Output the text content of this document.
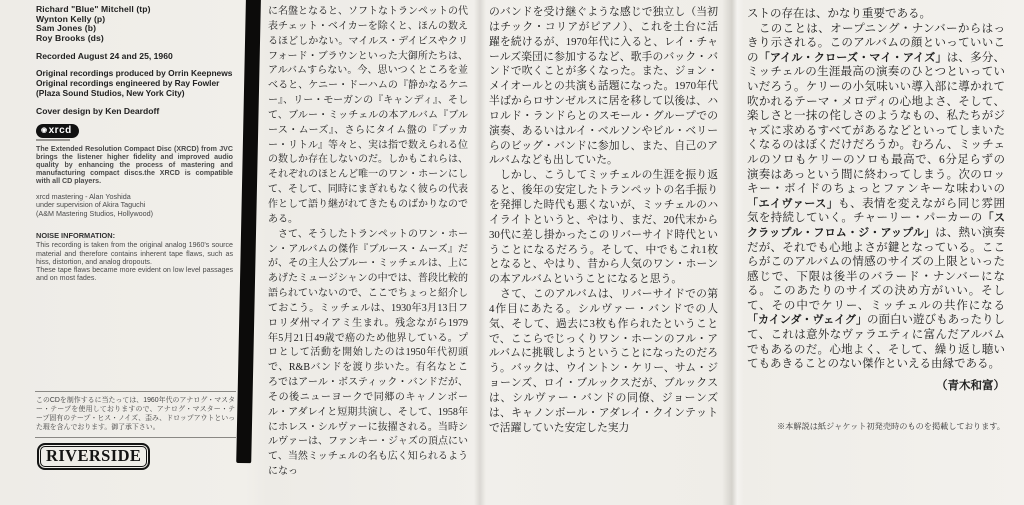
Richard "Blue" Mitchell (tp)
Wynton Kelly (p)
Sam Jones (b)
Roy Brooks (ds)
Recorded August 24 and 25, 1960
Original recordings produced by Orrin Keepnews
Original recordings engineered by Ray Fowler
(Plaza Sound Studios, New York City)
Cover design by Ken Deardoff
◉xrcd
The Extended Resolution Compact Disc (XRCD) from JVC brings the listener higher fidelity and improved audio quality by enhancing the process of mastering and manufacturing compact discs.the XRCD is compatible with all CD players.
xrcd mastering - Alan Yoshida
under supervision of Akira Taguchi
(A&M Mastering Studios, Hollywood)
NOISE INFORMATION:
This recording is taken from the original analog 1960's source material and therefore contains inherent tape flaws, such as hiss, distortion, and analog dropouts.
These tape flaws became more evident on low level passages and on most fades.
このCDを制作するに当たっては、1960年代のアナログ・マスター・テープを使用しておりますので、アナログ・マスター・テープ固有のテープ・ヒス・ノイズ、歪み、ドロップアウトといった瑕を含んでおります。御了承下さい。
RIVERSIDE

に名盤となると、ソフトなトランペットの代表チェット・ベイカーを除くと、ほんの数えるほどしかない。マイルス・デイビスやクリフォード・ブラウンといった大御所たちは、アルバムすらない。今、思いつくところを並べると、ケニー・ドーハムの『静かなるケニー』、リー・モーガンの『キャンディ』、そして、ブルー・ミッチェルの本アルバム『ブルース・ムーズ』、さらにタイム盤の『ブッカー・リトル』等々と、実は指で数えられる位の数しか存在しないのだ。しかもこれらは、それぞれのほとんど唯一のワン・ホーンにして、そして、同時にまぎれもなく彼らの代表作として語り継がれてきたものばかりなのである。

　さて、そうしたトランペットのワン・ホーン・アルバムの傑作『ブルース・ムーズ』だが、その主人公ブルー・ミッチェルは、上にあげたミュージシャンの中では、普段比較的語られていないので、ここでちょっと紹介しておこう。ミッチェルは、1930年3月13日フロリダ州マイアミ生まれ。残念ながら1979年5月21日49歳で癌のため他界している。プロとして活動を開始したのは1950年代初頭で、R&Bバンドを渡り歩いた。有名なところではアール・ボスティック・バンドだが、その後ニューヨークで同郷のキャノンボール・アダレイと短期共演し、そして、1958年にホレス・シルヴァーに抜擢される。当時シルヴァーは、ファンキー・ジャズの頂点にいて、当然ミッチェルの名も広く知られるようになっ

のバンドを受け継ぐような感じで独立し（当初はチック・コリアがピアノ）、これを土台に活躍を続けるが、1970年代に入ると、レイ・チャールズ楽団に参加するなど、歌手のバック・バンドで吹くことが多くなった。また、ジョン・メイオールとの共演も話題になった。1970年代半ばからロサンゼルスに居を移して以後は、ハロルド・ランドらとのスモール・グループでの演奏、あるいはルイ・ベルソンやビル・ベリーらのビッグ・バンドに参加し、また、自己のアルバムなども出していた。

　しかし、こうしてミッチェルの生涯を振り返ると、後年の安定したトランペットの名手振りを発揮した時代も悪くないが、ミッチェルのハイライトというと、やはり、まだ、20代末から30代に差し掛かったこのリバーサイド時代ということになるだろう。そして、中でもこれ1枚となると、やはり、昔から人気のワン・ホーンの本アルバムということになると思う。

　さて、このアルバムは、リバーサイドでの第4作目にあたる。シルヴァー・バンドでの人気、そして、過去に3枚も作られたということで、ここらでじっくりワン・ホーンのフル・アルバムに挑戦しようということになったのだろう。バックは、ウイントン・ケリー、サム・ジョーンズ、ロイ・ブルックスだが、ブルックスは、シルヴァー・バンドの同僚、ジョーンズは、キャノンボール・アダレイ・クインテットで活躍していた安定した実力

ストの存在は、かなり重要である。

　このことは、オープニング・ナンバーからはっきり示される。このアルバムの顔といっていいこの「アイル・クローズ・マイ・アイズ」は、多分、ミッチェルの生涯最高の演奏のひとつといっていいだろう。ケリーの小気味いい導入部に導かれて吹かれるテーマ・メロディの心地よさ、そして、楽しさと一抹の侘しさのようなもの、私たちがジャズに求めるすべてがあるなどといってしまいたくなるのはぼくだけだろうか。むろん、ミッチェルのソロもケリーのソロも最高で、6分足らずの演奏はあっという間に終わってしまう。次のロッキー・ボイドのちょっとファンキーな味わいの「エイヴァース」も、表情を変えながら同じ雰囲気を持続していく。チャーリー・パーカーの「スクラップル・フロム・ジ・アップル」は、熱い演奏だが、それでも心地よさが鍵となっている。ここらがこのアルバムの情感のサイズの上限といった感じで、下限は後半のバラード・ナンバーになる。このあたりのサイズの決め方がいい。そして、その中でケリー、ミッチェルの共作になる「カインダ・ヴェイグ」の面白い遊びもあったりして、これは意外なヴァラエティに富んだアルバムでもあるのだ。心地よく、そして、繰り返し聴いてもあきることのない傑作といえる由縁である。

（青木和富）

※本解説は紙ジャケット初発売時のものを掲載しております。
